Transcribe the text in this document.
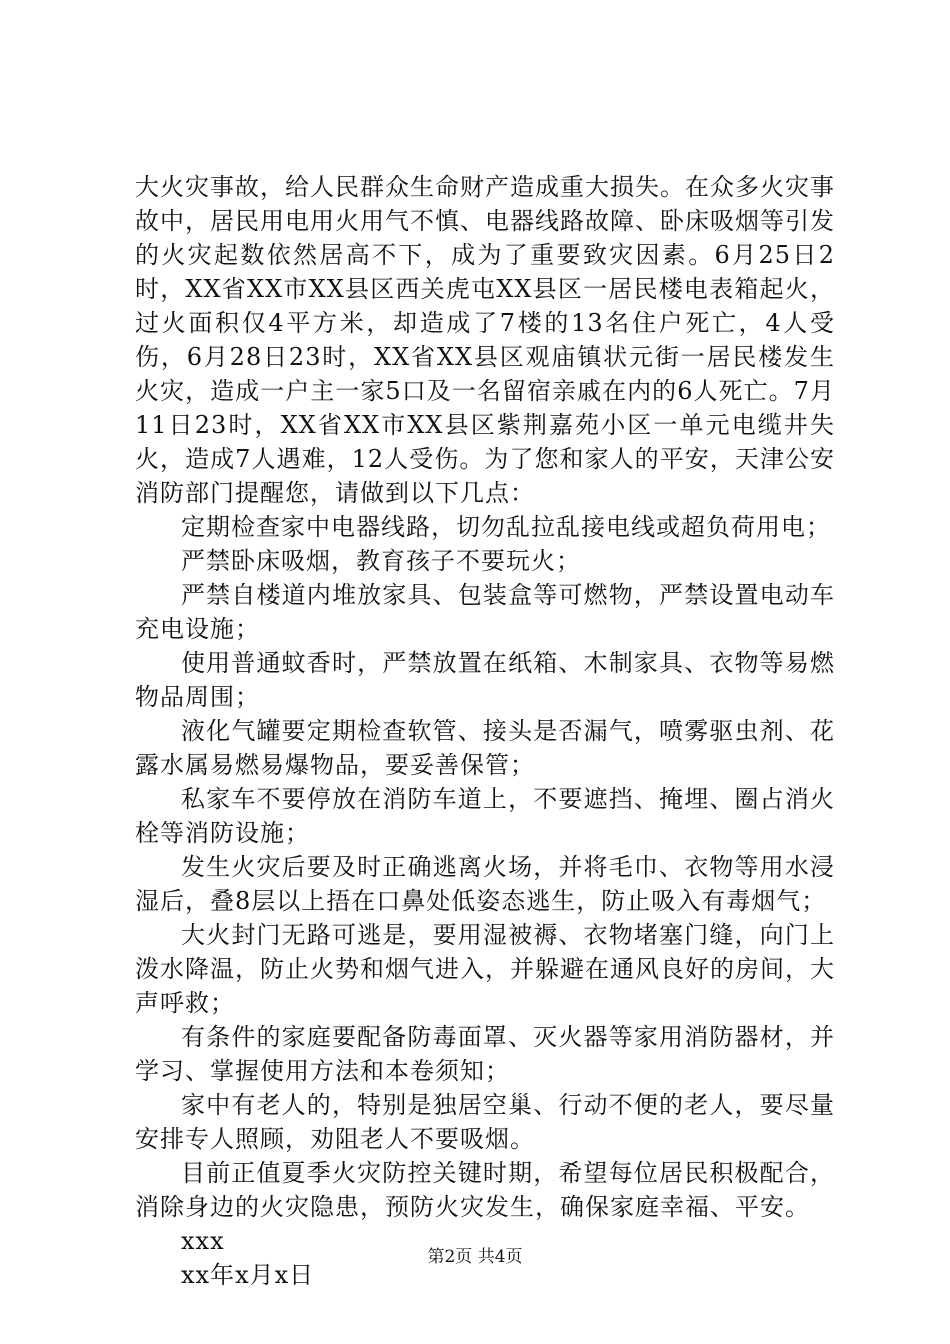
大火灾事故，给人民群众生命财产造成重大损失。在众多火灾事故中，居民用电用火用气不慎、电器线路故障、卧床吸烟等引发的火灾起数依然居高不下，成为了重要致灾因素。6月25日2时，XX省XX市XX县区西关虎屯XX县区一居民楼电表箱起火，过火面积仅4平方米，却造成了7楼的13名住户死亡，4人受伤，6月28日23时，XX省XX县区观庙镇状元街一居民楼发生火灾，造成一户主一家5口及一名留宿亲戚在内的6人死亡。7月11日23时，XX省XX市XX县区紫荆嘉苑小区一单元电缆井失火，造成7人遇难，12人受伤。为了您和家人的平安，天津公安消防部门提醒您，请做到以下几点：

定期检查家中电器线路，切勿乱拉乱接电线或超负荷用电；

严禁卧床吸烟，教育孩子不要玩火；

严禁自楼道内堆放家具、包装盒等可燃物，严禁设置电动车充电设施；

使用普通蚊香时，严禁放置在纸箱、木制家具、衣物等易燃物品周围；

液化气罐要定期检查软管、接头是否漏气，喷雾驱虫剂、花露水属易燃易爆物品，要妥善保管；

私家车不要停放在消防车道上，不要遮挡、掩埋、圈占消火栓等消防设施；

发生火灾后要及时正确逃离火场，并将毛巾、衣物等用水浸湿后，叠8层以上捂在口鼻处低姿态逃生，防止吸入有毒烟气；

大火封门无路可逃是，要用湿被褥、衣物堵塞门缝，向门上泼水降温，防止火势和烟气进入，并躲避在通风良好的房间，大声呼救；

有条件的家庭要配备防毒面罩、灭火器等家用消防器材，并学习、掌握使用方法和本卷须知；

家中有老人的，特别是独居空巢、行动不便的老人，要尽量安排专人照顾，劝阻老人不要吸烟。

目前正值夏季火灾防控关键时期，希望每位居民积极配合，消除身边的火灾隐患，预防火灾发生，确保家庭幸福、平安。

xxx

xx年x月x日

第2页 共4页
